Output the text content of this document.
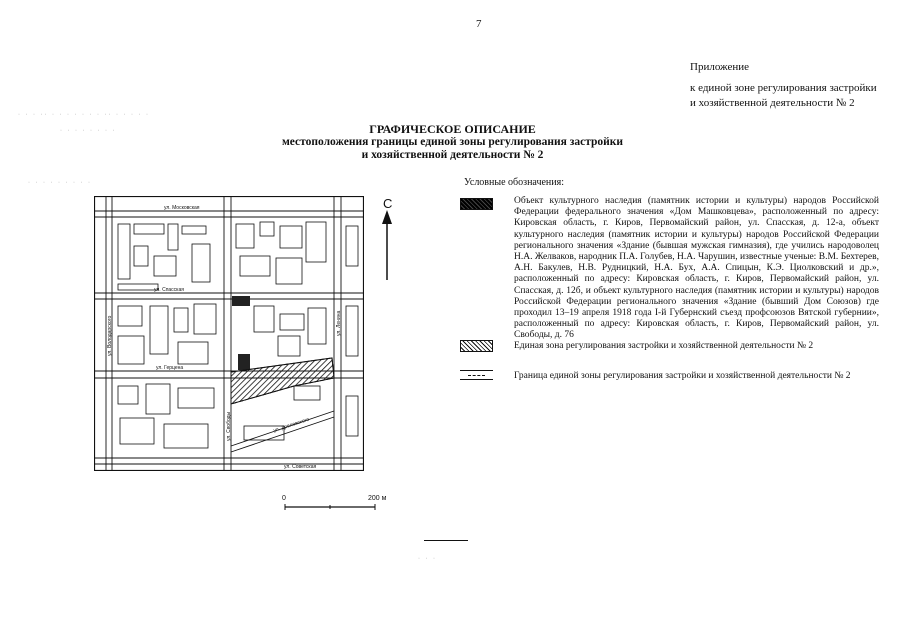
7
Приложение
к единой зоне регулирования застройки
и хозяйственной деятельности № 2
· · · ·· · · · · · · · ·· · · · · ·
· · · · · · · ·
· · · · · · · · ·
ГРАФИЧЕСКОЕ ОПИСАНИЕ
местоположения границы единой зоны регулирования застройки
и хозяйственной деятельности № 2
С
ул. Московская
ул. Спасская
ул. Герцена
ул. Советская
ул. Свободы
ул. Володарского	ул. Ленина
ул. Дрелевского
0	200 м
· · ·
Условные обозначения:
Объект культурного наследия (памятник истории и культуры) народов Российской Федерации федерального значения «Дом Машковцева», расположенный по адресу: Кировская область, г. Киров, Первомайский район, ул. Спасская, д. 12-а, объект культурного наследия (памятник истории и культуры) народов Российской Федерации регионального значения «Здание (бывшая мужская гимназия), где учились народоволец Н.А. Желваков, народник П.А. Голубев, Н.А. Чарушин, известные ученые: В.М. Бехтерев, А.Н. Бакулев, Н.В. Рудницкий, Н.А. Бух, А.А. Спицын, К.Э. Циолковский и др.», расположенный по адресу: Кировская область, г. Киров, Первомайский район, ул. Спасская, д. 12б, и объект культурного наследия (памятник истории и культуры) народов Российской Федерации регионального значения «Здание (бывший Дом Союзов) где проходил 13–19 апреля 1918 года I-й Губернский съезд профсоюзов Вятской губернии», расположенный по адресу: Кировская область, г. Киров, Первомайский район, ул. Свободы, д. 76
Единая зона регулирования застройки и хозяйственной деятельности № 2
Граница единой зоны регулирования застройки и хозяйственной деятельности № 2
